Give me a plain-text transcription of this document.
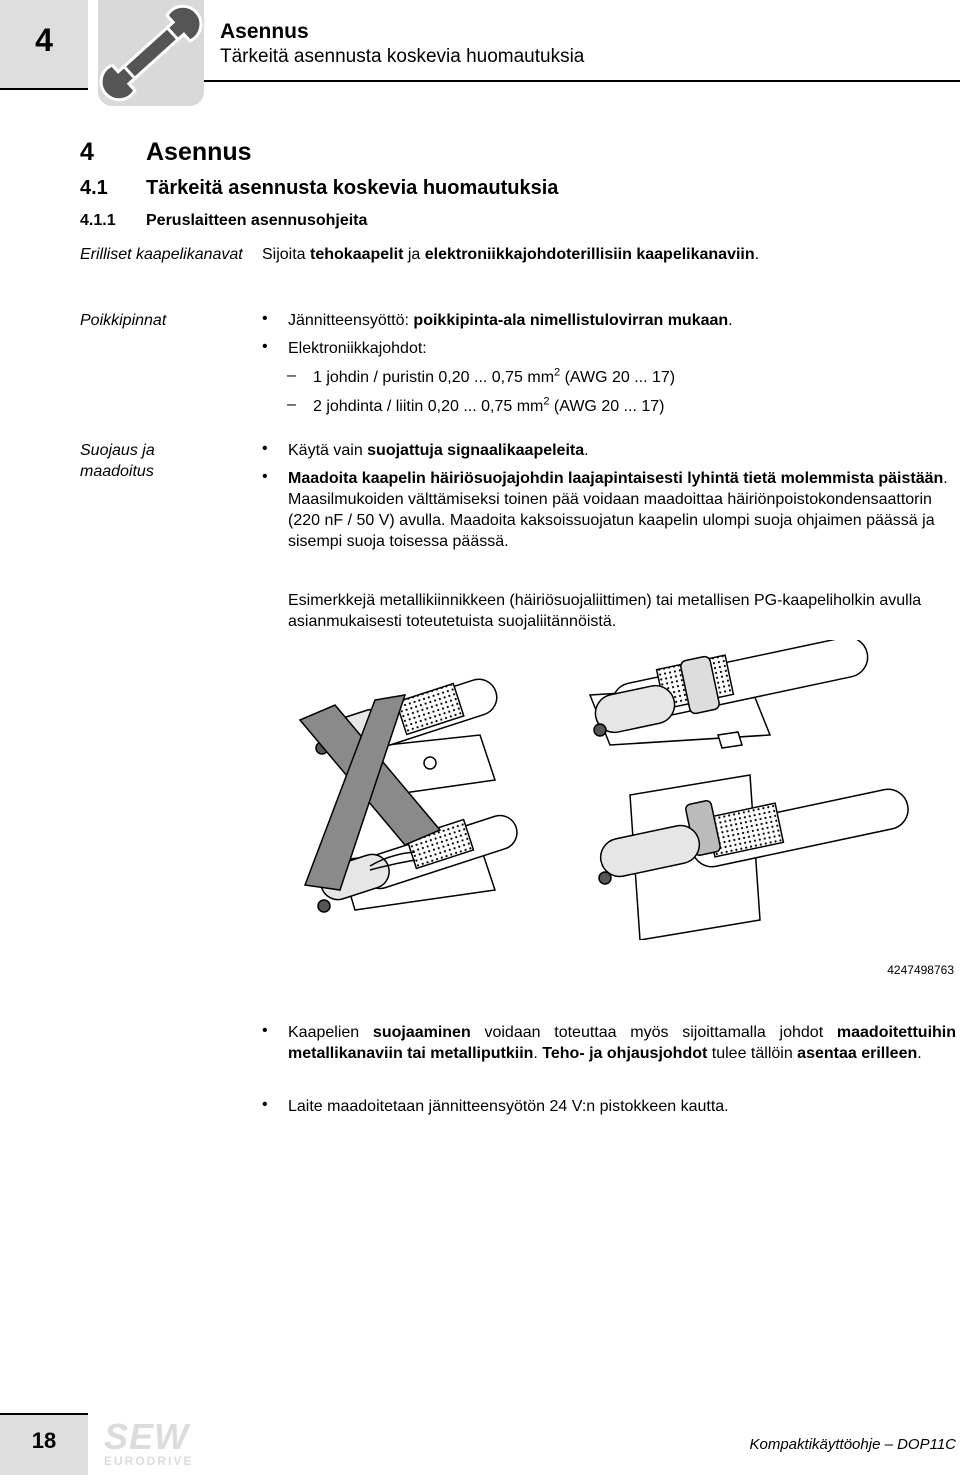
4	Asennus
Tärkeitä asennusta koskevia huomautuksia
4 Asennus
4.1 Tärkeitä asennusta koskevia huomautuksia
4.1.1 Peruslaitteen asennusohjeita
Erilliset kaapelikanavat	Sijoita tehokaapelit ja elektroniikkajohdoterillisiin kaapelikanaviin.
Poikkipinnat	• Jännitteensyöttö: poikkipinta-ala nimellistulovirran mukaan.
• Elektroniikkajohdot:
– 1 johdin / puristin 0,20 ... 0,75 $mm^2$ (AWG 20 ... 17)
– 2 johdinta / liitin 0,20 ... 0,75 $mm^2$ (AWG 20 ... 17)
Suojaus ja maadoitus
• Käytä vain suojattuja signaalikaapeleita.
• Maadoita kaapelin häiriösuojajohdin laajapintaisesti lyhintä tietä molemmista päistään. Maasilmukoiden välttämiseksi toinen pää voidaan maadoittaa häiriönpoistokondensaattorin (220 nF / 50 V) avulla. Maadoita kaksoissuojatun kaapelin ulompi suoja ohjaimen päässä ja sisempi suoja toisessa päässä.
Esimerkkejä metallikiinnikkeen (häiriösuojaliittimen) tai metallisen PG-kaapeliholkin avulla asianmukaisesti toteutetuista suojaliitännöistä.
4247498763
• Kaapelien suojaaminen voidaan toteuttaa myös sijoittamalla johdot maadoitettuihin metallikanaviin tai metalliputkiin. Teho- ja ohjausjohdot tulee tällöin asentaa erilleen.
• Laite maadoitetaan jännitteensyötön 24 V:n pistokkeen kautta.
18	SEW
EURODRIVE
Kompaktikäyttöohje – DOP11C
